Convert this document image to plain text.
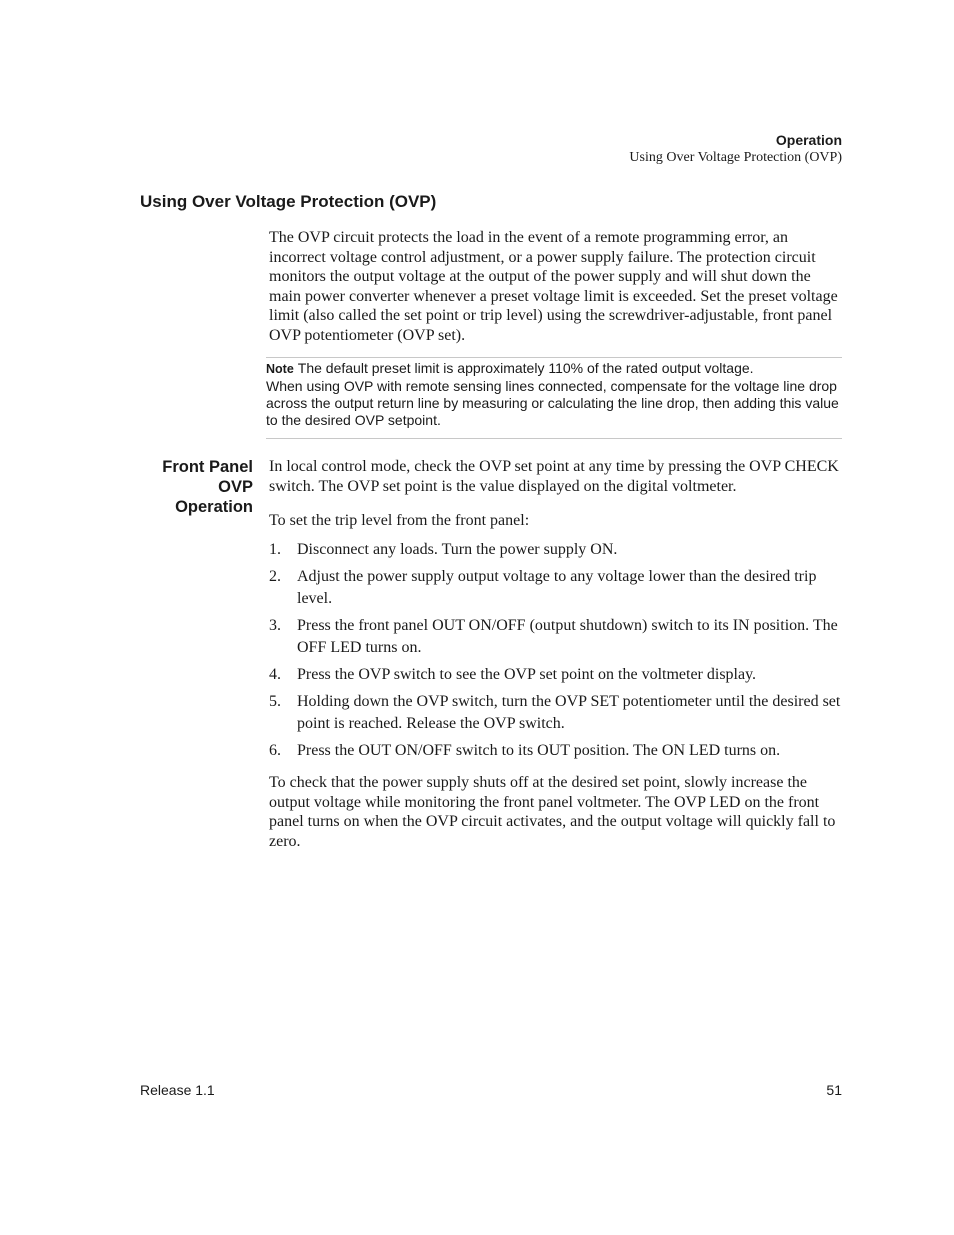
Operation
Using Over Voltage Protection (OVP)
Using Over Voltage Protection (OVP)

The OVP circuit protects the load in the event of a remote programming error, an incorrect voltage control adjustment, or a power supply failure. The protection circuit monitors the output voltage at the output of the power supply and will shut down the main power converter whenever a preset voltage limit is exceeded. Set the preset voltage limit (also called the set point or trip level) using the screwdriver-adjustable, front panel OVP potentiometer (OVP set).

Note The default preset limit is approximately 110% of the rated output voltage.

When using OVP with remote sensing lines connected, compensate for the voltage line drop across the output return line by measuring or calculating the line drop, then adding this value to the desired OVP setpoint.

Front Panel
OVP
Operation

In local control mode, check the OVP set point at any time by pressing the OVP CHECK switch. The OVP set point is the value displayed on the digital voltmeter.

To set the trip level from the front panel:

1.	Disconnect any loads. Turn the power supply ON.
2.	Adjust the power supply output voltage to any voltage lower than the desired trip level.
3.	Press the front panel OUT ON/OFF (output shutdown) switch to its IN position. The OFF LED turns on.
4.	Press the OVP switch to see the OVP set point on the voltmeter display.
5.	Holding down the OVP switch, turn the OVP SET potentiometer until the desired set point is reached. Release the OVP switch.
6.	Press the OUT ON/OFF switch to its OUT position. The ON LED turns on.

To check that the power supply shuts off at the desired set point, slowly increase the output voltage while monitoring the front panel voltmeter. The OVP LED on the front panel turns on when the OVP circuit activates, and the output voltage will quickly fall to zero.

Release 1.1	51
